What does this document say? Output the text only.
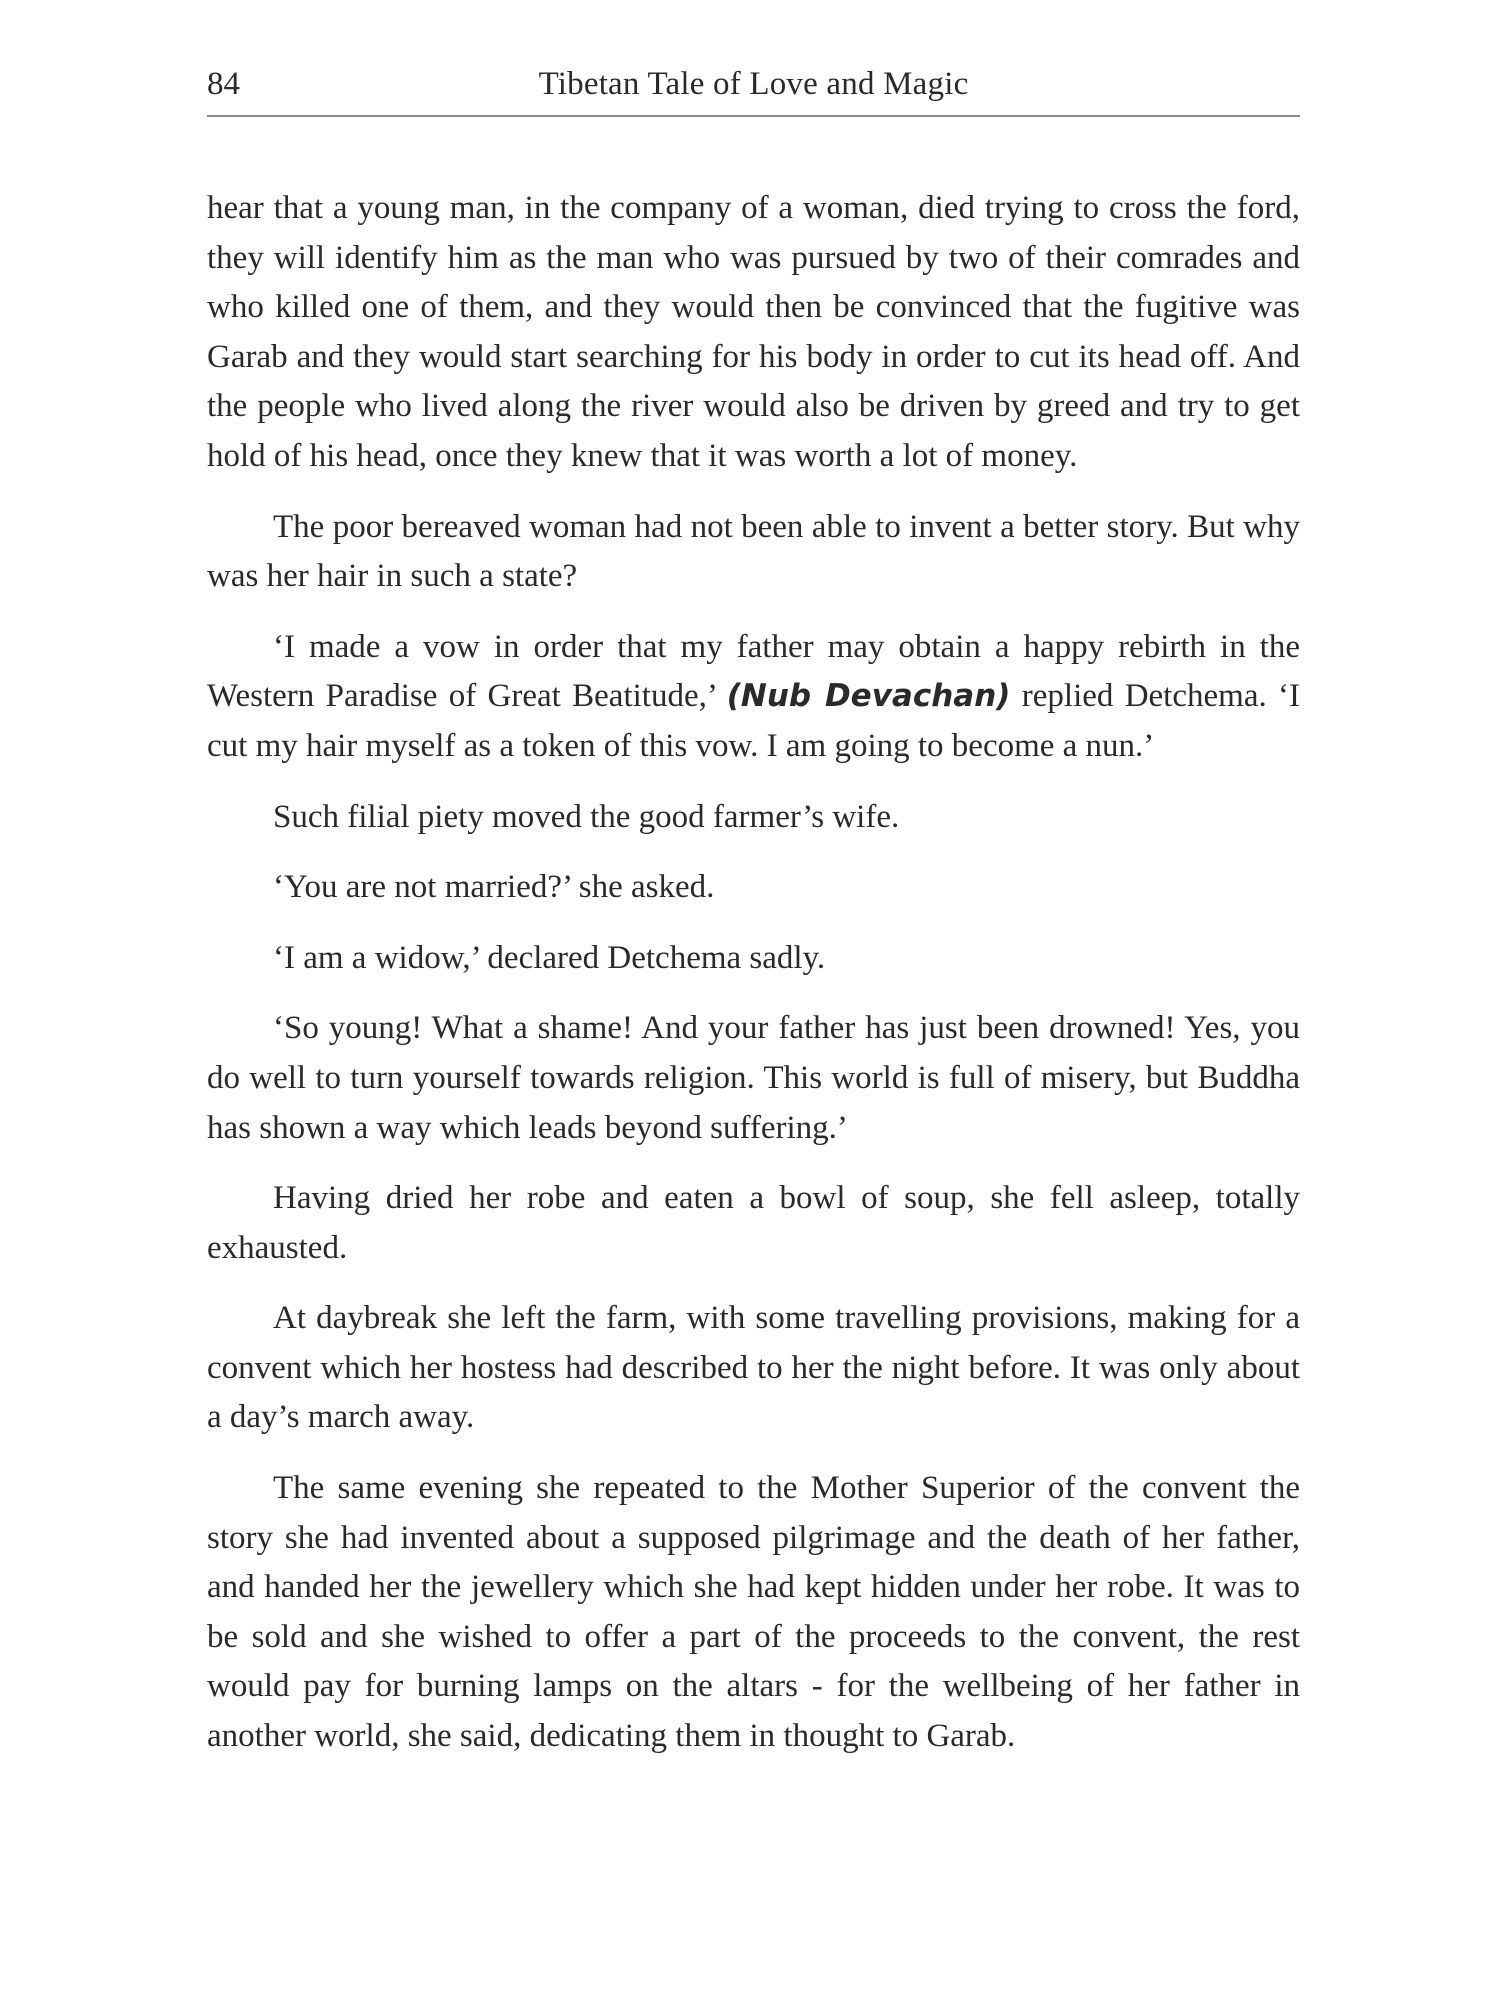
84	Tibetan Tale of Love and Magic

hear that a young man, in the company of a woman, died trying to cross the ford, they will identify him as the man who was pursued by two of their comrades and who killed one of them, and they would then be convinced that the fugitive was Garab and they would start searching for his body in order to cut its head off. And the people who lived along the river would also be driven by greed and try to get hold of his head, once they knew that it was worth a lot of money.

The poor bereaved woman had not been able to invent a better story. But why was her hair in such a state?

‘I made a vow in order that my father may obtain a happy rebirth in the Western Paradise of Great Beatitude,’ (Nub Devachan) replied Detchema. ‘I cut my hair myself as a token of this vow. I am going to become a nun.’

Such filial piety moved the good farmer’s wife.

‘You are not married?’ she asked.

‘I am a widow,’ declared Detchema sadly.

‘So young! What a shame! And your father has just been drowned! Yes, you do well to turn yourself towards religion. This world is full of misery, but Buddha has shown a way which leads beyond suffering.’

Having dried her robe and eaten a bowl of soup, she fell asleep, totally exhausted.

At daybreak she left the farm, with some travelling provisions, making for a convent which her hostess had described to her the night before. It was only about a day’s march away.

The same evening she repeated to the Mother Superior of the convent the story she had invented about a supposed pilgrimage and the death of her father, and handed her the jewellery which she had kept hidden under her robe. It was to be sold and she wished to offer a part of the proceeds to the convent, the rest would pay for burning lamps on the altars - for the wellbeing of her father in another world, she said, dedicating them in thought to Garab.
